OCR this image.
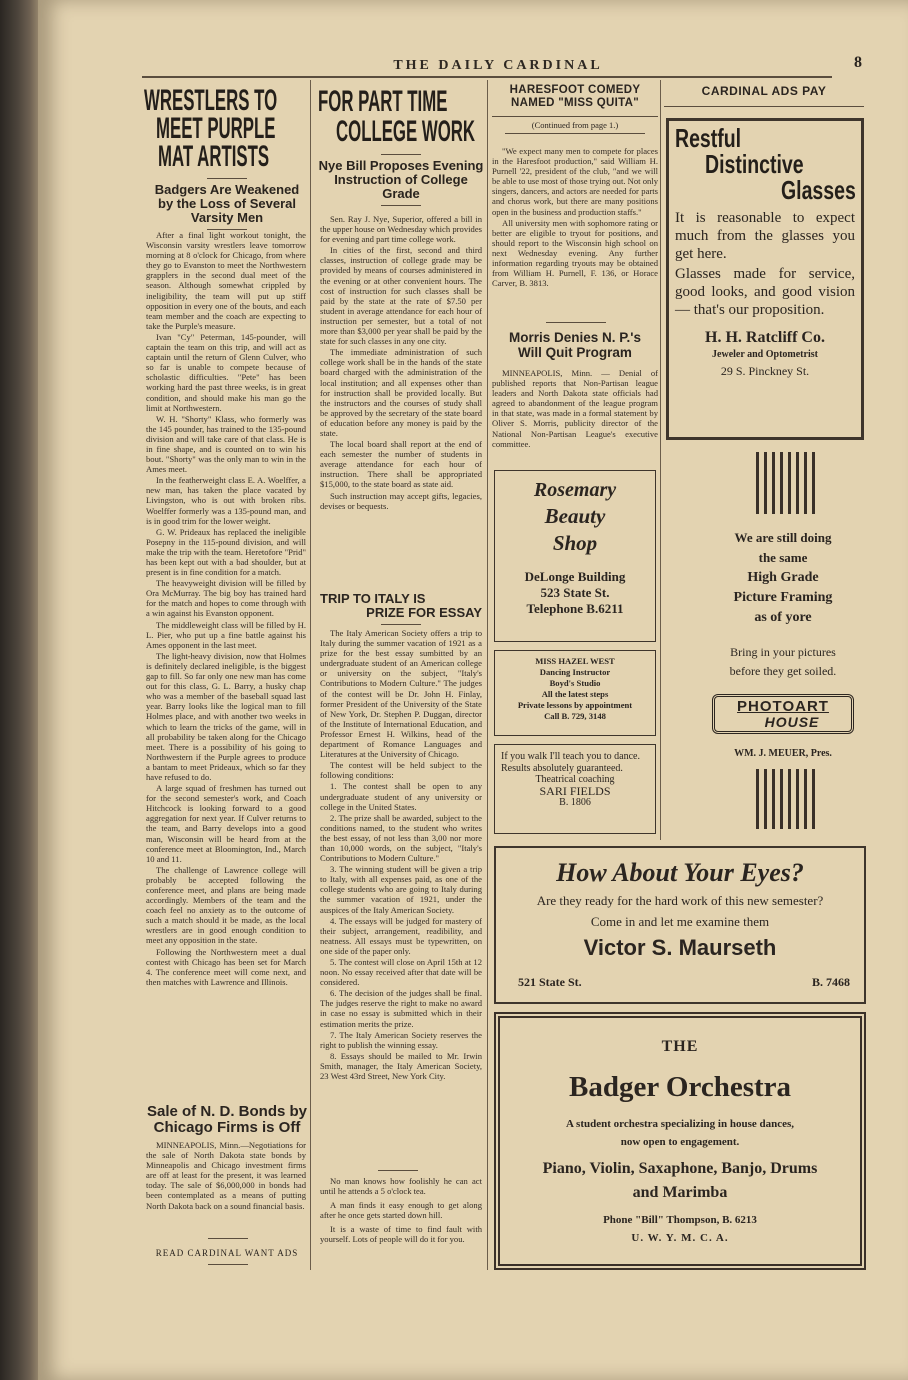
THE DAILY CARDINAL	8
WRESTLERS TO
MEET PURPLE
MAT ARTISTS
Badgers Are Weakened by the Loss of Several Varsity Men

After a final light workout tonight, the Wisconsin varsity wrestlers leave tomorrow morning at 8 o'clock for Chicago, from where they go to Evanston to meet the Northwestern grapplers in the second dual meet of the season. Although somewhat crippled by ineligibility, the team will put up stiff opposition in every one of the bouts, and each team member and the coach are expecting to take the Purple's measure.

Ivan "Cy" Peterman, 145-pounder, will captain the team on this trip, and will act as captain until the return of Glenn Culver, who so far is unable to compete because of scholastic difficulties. "Pete" has been working hard the past three weeks, is in great condition, and should make his man go the limit at Northwestern.

W. H. "Shorty" Klass, who formerly was the 145 pounder, has trained to the 135-pound division and will take care of that class. He is in fine shape, and is counted on to win his bout. "Shorty" was the only man to win in the Ames meet.

In the featherweight class E. A. Woelffer, a new man, has taken the place vacated by Livingston, who is out with broken ribs. Woelffer formerly was a 135-pound man, and is in good trim for the lower weight.

G. W. Prideaux has replaced the ineligible Posepny in the 115-pound division, and will make the trip with the team. Heretofore "Prid" has been kept out with a bad shoulder, but at present is in fine condition for a match.

The heavyweight division will be filled by Ora McMurray. The big boy has trained hard for the match and hopes to come through with a win against his Evanston opponent.

The middleweight class will be filled by H. L. Pier, who put up a fine battle against his Ames opponent in the last meet.

The light-heavy division, now that Holmes is definitely declared ineligible, is the biggest gap to fill. So far only one new man has come out for this class, G. L. Barry, a husky chap who was a member of the baseball squad last year. Barry looks like the logical man to fill Holmes place, and with another two weeks in which to learn the tricks of the game, will in all probability be taken along for the Chicago meet. There is a possibility of his going to Northwestern if the Purple agrees to produce a bantam to meet Prideaux, which so far they have refused to do.

A large squad of freshmen has turned out for the second semester's work, and Coach Hitchcock is looking forward to a good aggregation for next year. If Culver returns to the team, and Barry develops into a good man, Wisconsin will be heard from at the conference meet at Bloomington, Ind., March 10 and 11.

The challenge of Lawrence college will probably be accepted following the conference meet, and plans are being made accordingly. Members of the team and the coach feel no anxiety as to the outcome of such a match should it be made, as the local wrestlers are in good enough condition to meet any opposition in the state.

Following the Northwestern meet a dual contest with Chicago has been set for March 4. The conference meet will come next, and then matches with Lawrence and Illinois.

Sale of N. D. Bonds by Chicago Firms is Off

MINNEAPOLIS, Minn.—Negotiations for the sale of North Dakota state bonds by Minneapolis and Chicago investment firms are off at least for the present, it was learned today. The sale of $6,000,000 in bonds had been contemplated as a means of putting North Dakota back on a sound financial basis.

READ CARDINAL WANT ADS
FOR PART TIME
COLLEGE WORK
Nye Bill Proposes Evening Instruction of College Grade

Sen. Ray J. Nye, Superior, offered a bill in the upper house on Wednesday which provides for evening and part time college work.

In cities of the first, second and third classes, instruction of college grade may be provided by means of courses administered in the evening or at other convenient hours. The cost of instruction for such classes shall be paid by the state at the rate of $7.50 per student in average attendance for each hour of instruction per semester, but a total of not more than $3,000 per year shall be paid by the state for such classes in any one city.

The immediate administration of such college work shall be in the hands of the state board charged with the administration of the local institution; and all expenses other than for instruction shall be provided locally. But the instructors and the courses of study shall be approved by the secretary of the state board of education before any money is paid by the state.

The local board shall report at the end of each semester the number of students in average attendance for each hour of instruction. There shall be appropriated $15,000, to the state board as state aid.

Such instruction may accept gifts, legacies, devises or bequests.

TRIP TO ITALY IS
PRIZE FOR ESSAY

The Italy American Society offers a trip to Italy during the summer vacation of 1921 as a prize for the best essay sumbitted by an undergraduate student of an American college or university on the subject, "Italy's Contributions to Modern Culture." The judges of the contest will be Dr. John H. Finlay, former President of the University of the State of New York, Dr. Stephen P. Duggan, director of the Institute of International Education, and Professor Ernest H. Wilkins, head of the department of Romance Languages and Literatures at the University of Chicago.

The contest will be held subject to the following conditions:

1. The contest shall be open to any undergraduate student of any university or college in the United States.

2. The prize shall be awarded, subject to the conditions named, to the student who writes the best essay, of not less than 3,00 nor more than 10,000 words, on the subject, "Italy's Contributions to Modern Culture."

3. The winning student will be given a trip to Italy, with all expenses paid, as one of the college students who are going to Italy during the summer vacation of 1921, under the auspices of the Italy American Society.

4. The essays will be judged for mastery of their subject, arrangement, readibility, and neatness. All essays must be typewritten, on one side of the paper only.

5. The contest will close on April 15th at 12 noon. No essay received after that date will be considered.

6. The decision of the judges shall be final. The judges reserve the right to make no award in case no essay is submitted which in their estimation merits the prize.

7. The Italy American Society reserves the right to publish the winning essay.

8. Essays should be mailed to Mr. Irwin Smith, manager, the Italy American Society, 23 West 43rd Street, New York City.

No man knows how foolishly he can act until he attends a 5 o'clock tea.

A man finds it easy enough to get along after he once gets started down hill.

It is a waste of time to find fault with yourself. Lots of people will do it for you.

HARESFOOT COMEDY
NAMED "MISS QUITA"
(Continued from page 1.)

"We expect many men to compete for places in the Haresfoot production," said William H. Purnell '22, president of the club, "and we will be able to use most of those trying out. Not only singers, dancers, and actors are needed for parts and chorus work, but there are many positions open in the business and production staffs."

All university men with sophomore rating or better are eligible to tryout for positions, and should report to the Wisconsin high school on next Wednesday evening. Any further information regarding tryouts may be obtained from William H. Purnell, F. 136, or Horace Carver, B. 3813.

Morris Denies N. P.'s
Will Quit Program

MINNEAPOLIS, Minn. — Denial of published reports that Non-Partisan league leaders and North Dakota state officials had agreed to abandonment of the league program in that state, was made in a formal statement by Oliver S. Morris, publicity director of the National Non-Partisan League's executive committee.

Rosemary
Beauty
Shop
DeLonge Building
523 State St.
Telephone B.6211
MISS HAZEL WEST
Dancing Instructor
Boyd's Studio
All the latest steps
Private lessons by appointment
Call B. 729, 3148
If you walk I'll teach you to dance. Results absolutely guaranteed.
Theatrical coaching
SARI FIELDS
B. 1806
CARDINAL ADS PAY
Restful
Distinctive
Glasses
It is reasonable to expect much from the glasses you get here.
Glasses made for service, good looks, and good vision — that's our proposition.
H. H. Ratcliff Co.
Jeweler and Optometrist
29 S. Pinckney St.
We are still doing
the same
High Grade
Picture Framing
as of yore
Bring in your pictures
before they get soiled.
PHOTOART
HOUSE
WM. J. MEUER, Pres.
How About Your Eyes?
Are they ready for the hard work of this new semester?
Come in and let me examine them
Victor S. Maurseth
521 State St.	B. 7468
THE
Badger Orchestra
A student orchestra specializing in house dances,
now open to engagement.
Piano, Violin, Saxaphone, Banjo, Drums
and Marimba
Phone "Bill" Thompson, B. 6213
U. W. Y. M. C. A.
